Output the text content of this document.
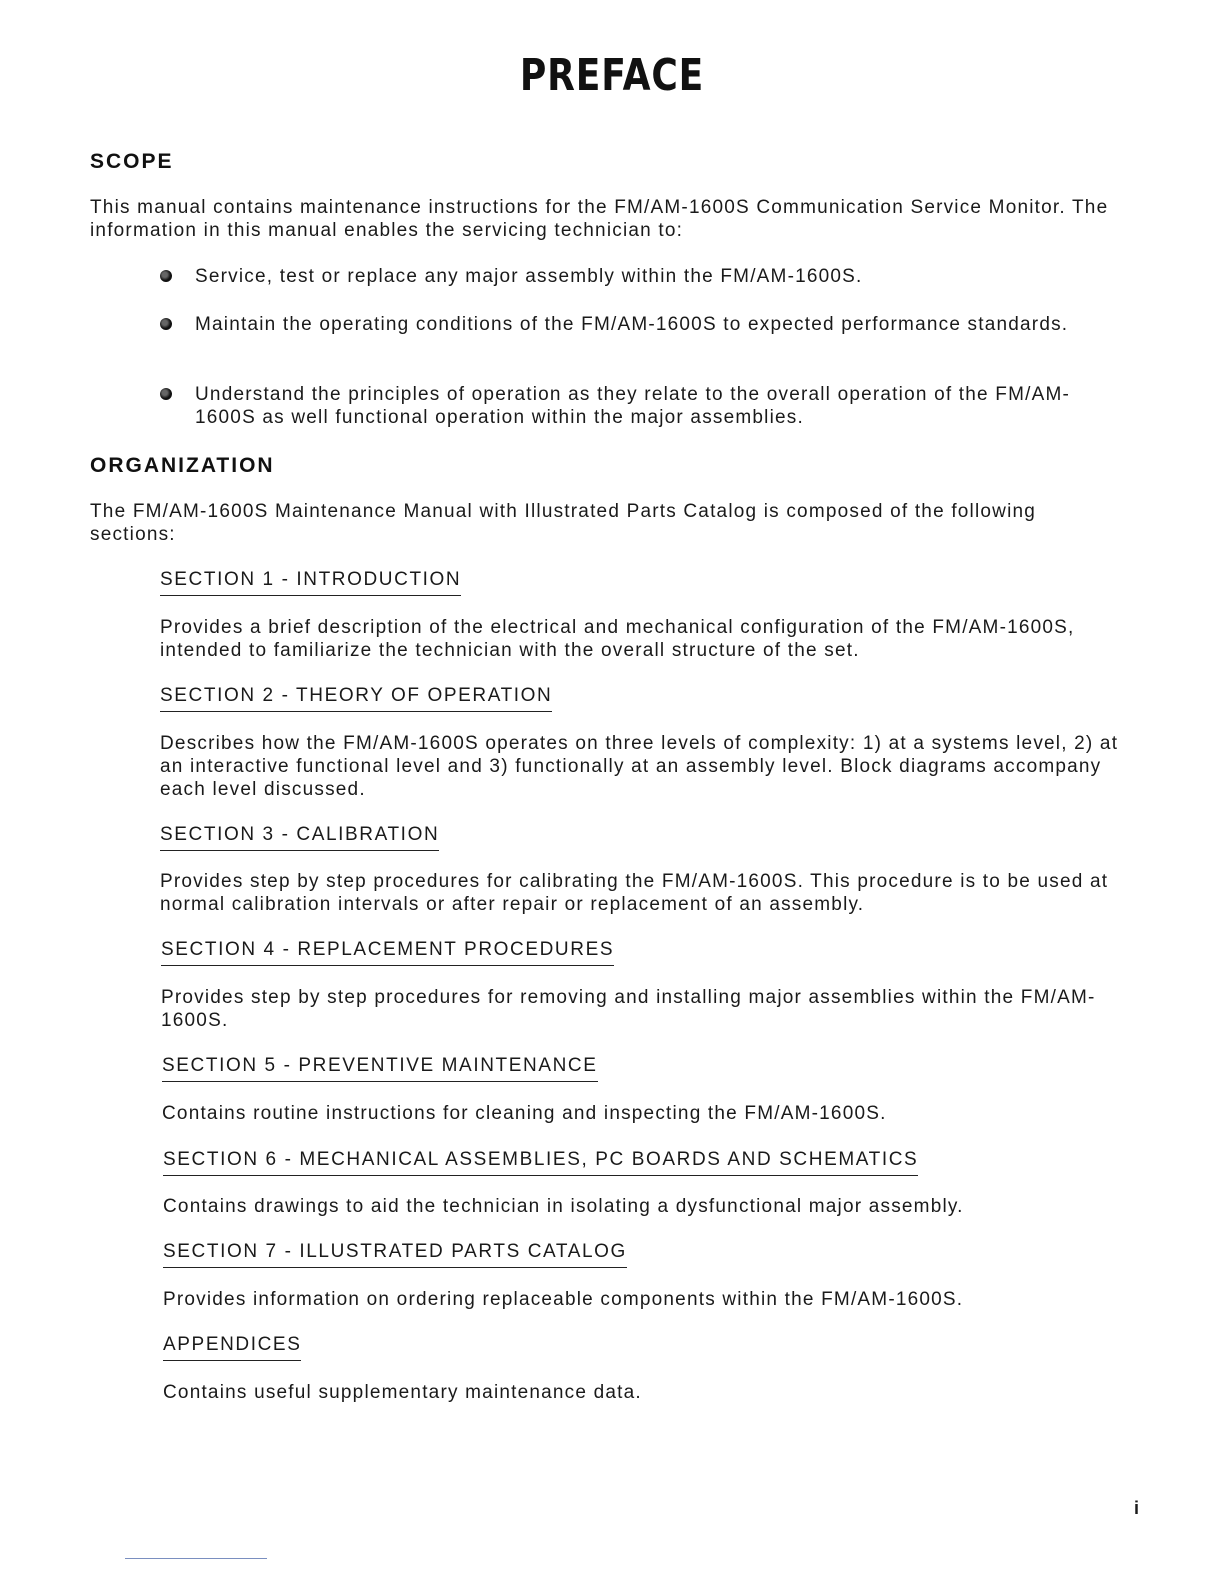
PREFACE
SCOPE
This manual contains maintenance instructions for the FM/AM-1600S Communication Service Monitor. The information in this manual enables the servicing technician to:
Service, test or replace any major assembly within the FM/AM-1600S.
Maintain the operating conditions of the FM/AM-1600S to expected performance standards.
Understand the principles of operation as they relate to the overall operation of the FM/AM-1600S as well functional operation within the major assemblies.
ORGANIZATION
The FM/AM-1600S Maintenance Manual with Illustrated Parts Catalog is composed of the following sections:
SECTION 1 - INTRODUCTION
Provides a brief description of the electrical and mechanical configuration of the FM/AM-1600S, intended to familiarize the technician with the overall structure of the set.
SECTION 2 - THEORY OF OPERATION
Describes how the FM/AM-1600S operates on three levels of complexity: 1) at a systems level, 2) at an interactive functional level and 3) functionally at an assembly level. Block diagrams accompany each level discussed.
SECTION 3 - CALIBRATION
Provides step by step procedures for calibrating the FM/AM-1600S. This procedure is to be used at normal calibration intervals or after repair or replacement of an assembly.
SECTION 4 - REPLACEMENT PROCEDURES
Provides step by step procedures for removing and installing major assemblies within the FM/AM-1600S.
SECTION 5 - PREVENTIVE MAINTENANCE
Contains routine instructions for cleaning and inspecting the FM/AM-1600S.
SECTION 6 - MECHANICAL ASSEMBLIES, PC BOARDS AND SCHEMATICS
Contains drawings to aid the technician in isolating a dysfunctional major assembly.
SECTION 7 - ILLUSTRATED PARTS CATALOG
Provides information on ordering replaceable components within the FM/AM-1600S.
APPENDICES
Contains useful supplementary maintenance data.
i
